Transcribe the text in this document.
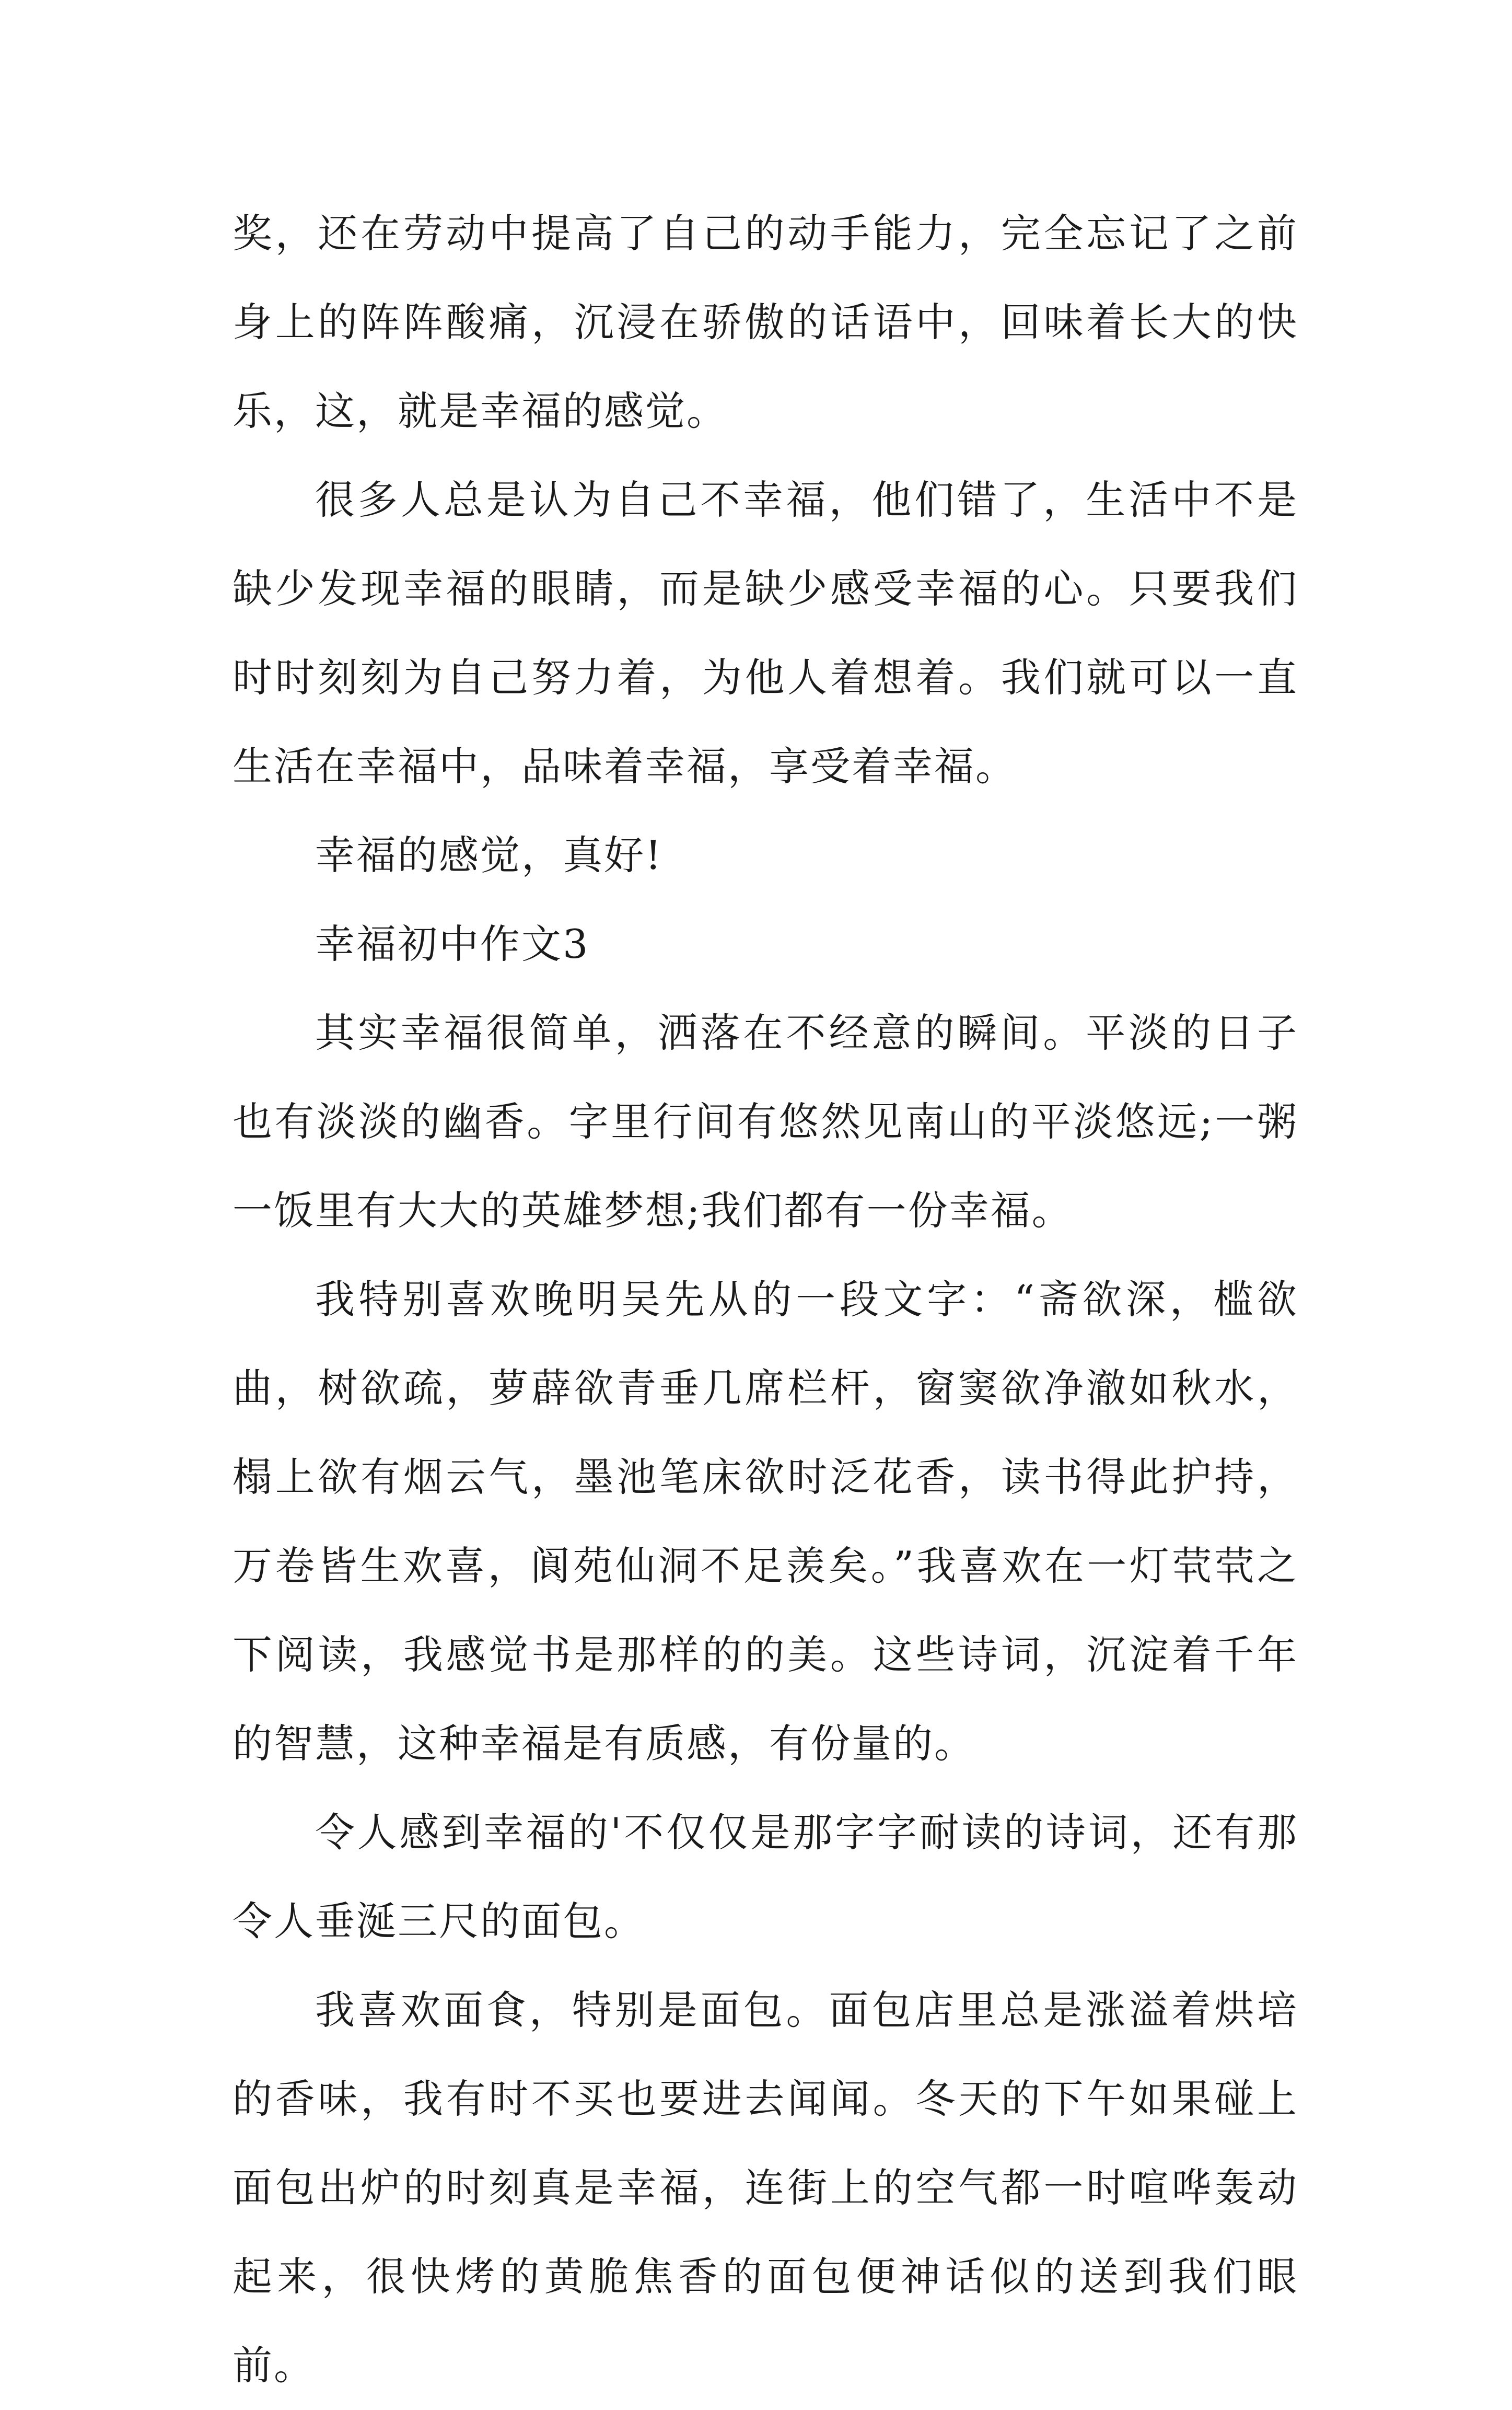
奖，还在劳动中提高了自己的动手能力，完全忘记了之前身上的阵阵酸痛，沉浸在骄傲的话语中，回味着长大的快乐，这，就是幸福的感觉。

很多人总是认为自己不幸福，他们错了，生活中不是缺少发现幸福的眼睛，而是缺少感受幸福的心。只要我们时时刻刻为自己努力着，为他人着想着。我们就可以一直生活在幸福中，品味着幸福，享受着幸福。

幸福的感觉，真好!

幸福初中作文3

其实幸福很简单，洒落在不经意的瞬间。平淡的日子也有淡淡的幽香。字里行间有悠然见南山的平淡悠远;一粥一饭里有大大的英雄梦想;我们都有一份幸福。

我特别喜欢晚明吴先从的一段文字：“斋欲深，槛欲曲，树欲疏，萝薜欲青垂几席栏杆，窗窦欲净澈如秋水，榻上欲有烟云气，墨池笔床欲时泛花香，读书得此护持，万卷皆生欢喜，阆苑仙洞不足羡矣。”我喜欢在一灯茕茕之下阅读，我感觉书是那样的的美。这些诗词，沉淀着千年的智慧，这种幸福是有质感，有份量的。

令人感到幸福的'不仅仅是那字字耐读的诗词，还有那令人垂涎三尺的面包。

我喜欢面食，特别是面包。面包店里总是涨溢着烘培的香味，我有时不买也要进去闻闻。冬天的下午如果碰上面包出炉的时刻真是幸福，连街上的空气都一时喧哗轰动起来，很快烤的黄脆焦香的面包便神话似的送到我们眼前。
